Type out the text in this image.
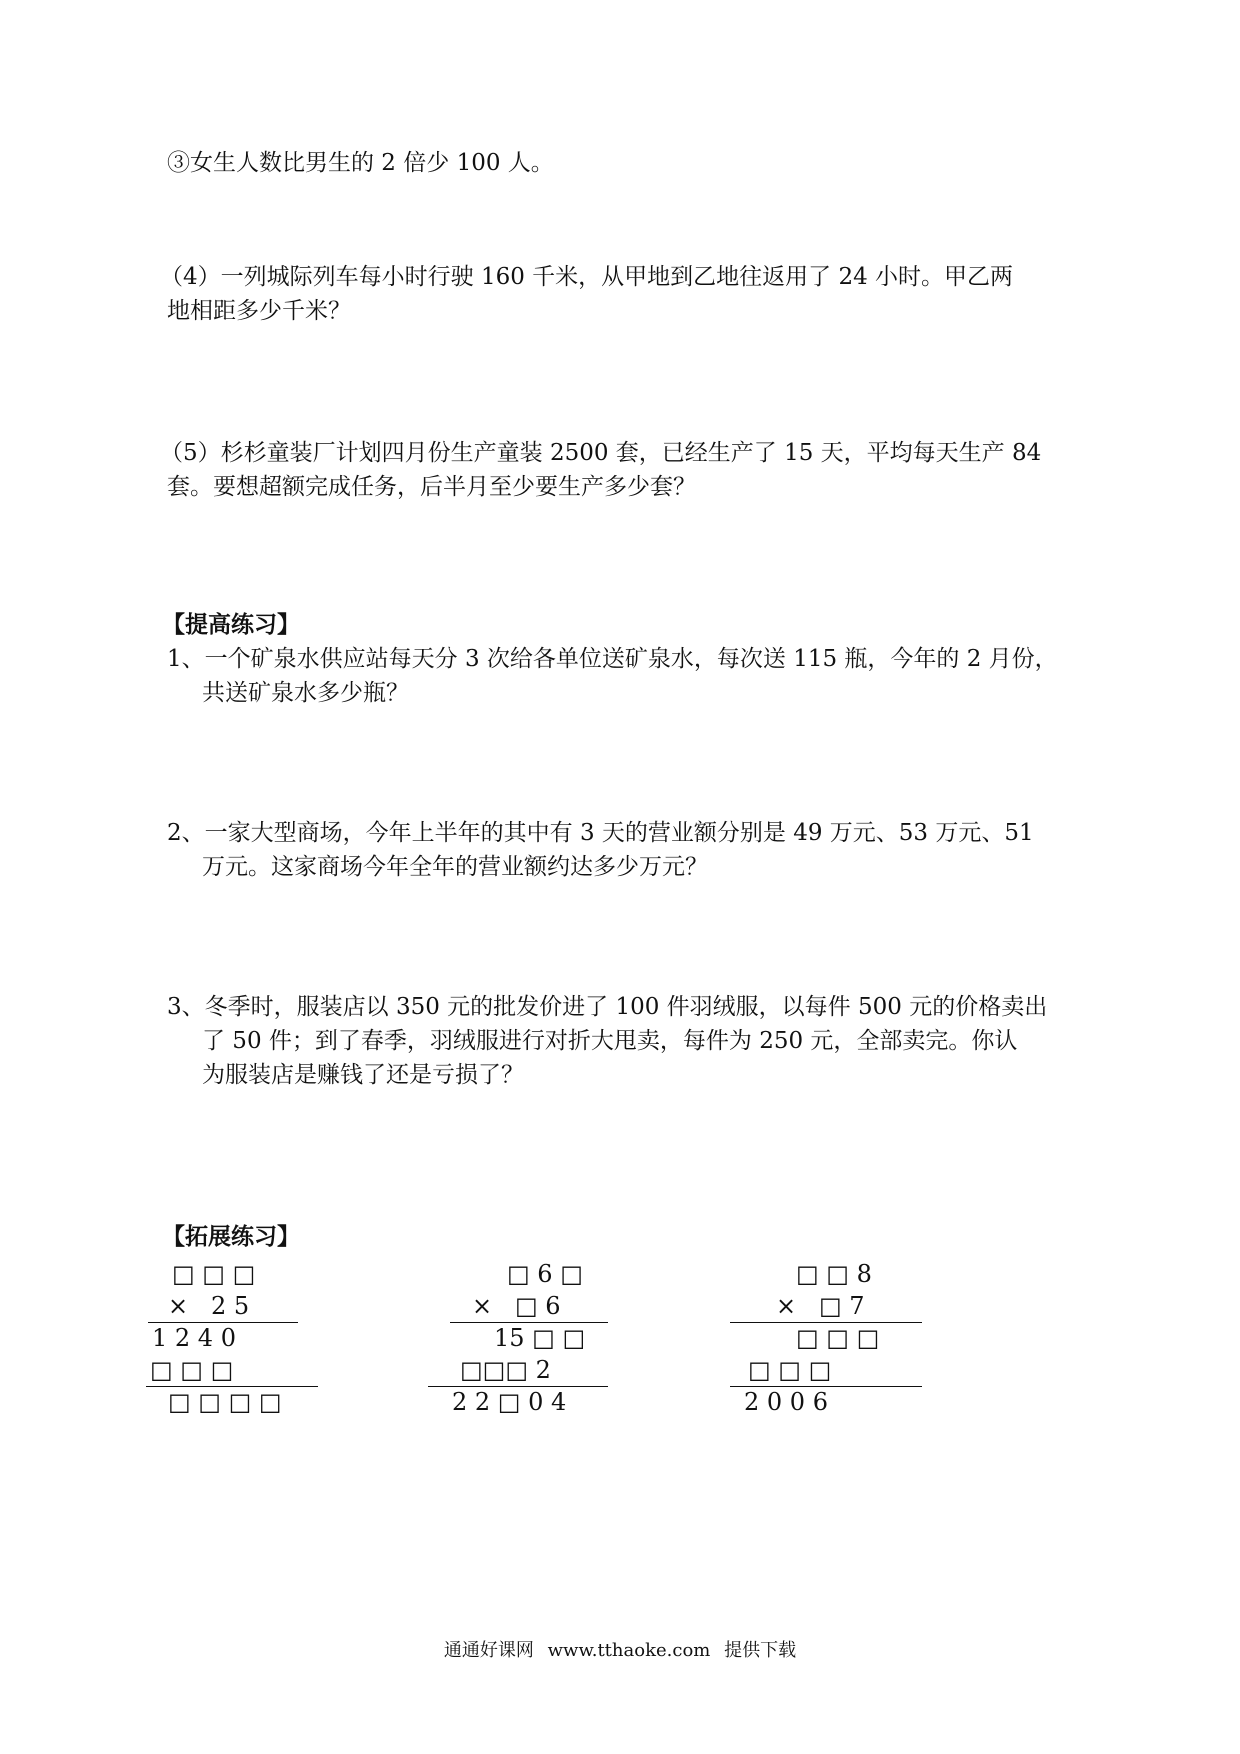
③女生人数比男生的 2 倍少 100 人。

（4）一列城际列车每小时行驶 160 千米，从甲地到乙地往返用了 24 小时。甲乙两

地相距多少千米？

（5）杉杉童装厂计划四月份生产童装 2500 套，已经生产了 15 天，平均每天生产 84

套。要想超额完成任务，后半月至少要生产多少套？

【提高练习】

1、一个矿泉水供应站每天分 3 次给各单位送矿泉水，每次送 115 瓶，今年的 2 月份，

共送矿泉水多少瓶？

2、一家大型商场，今年上半年的其中有 3 天的营业额分别是 49 万元、53 万元、51

万元。这家商场今年全年的营业额约达多少万元？

3、冬季时，服装店以 350 元的批发价进了 100 件羽绒服，以每件 500 元的价格卖出

了 50 件；到了春季，羽绒服进行对折大甩卖，每件为 250 元，全部卖完。你认

为服装店是赚钱了还是亏损了？

【拓展练习】

□ □ □
×   2 5
1 2 4 0
□ □ □
□ □ □ □
□ 6 □
×   □ 6
15 □ □
□□□ 2
2 2 □ 0 4
□ □ 8
×   □ 7
□ □ □
□ □ □
2 0 0 6
通通好课网 www.tthaoke.com 提供下载
